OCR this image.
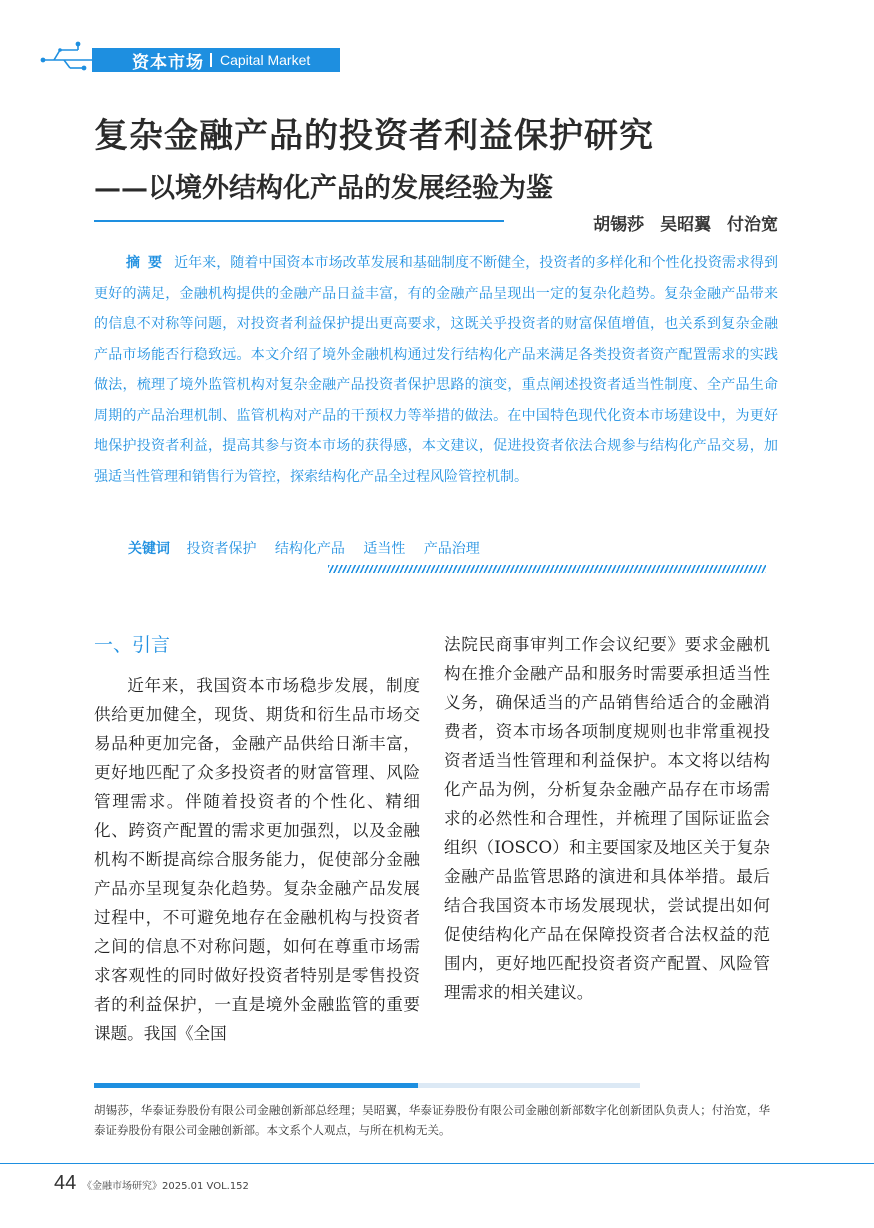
资本市场 Capital Market
复杂金融产品的投资者利益保护研究
——以境外结构化产品的发展经验为鉴
胡锡莎 吴昭翼 付治宽
摘要 近年来，随着中国资本市场改革发展和基础制度不断健全，投资者的多样化和个性化投资需求得到更好的满足，金融机构提供的金融产品日益丰富，有的金融产品呈现出一定的复杂化趋势。复杂金融产品带来的信息不对称等问题，对投资者利益保护提出更高要求，这既关乎投资者的财富保值增值，也关系到复杂金融产品市场能否行稳致远。本文介绍了境外金融机构通过发行结构化产品来满足各类投资者资产配置需求的实践做法，梳理了境外监管机构对复杂金融产品投资者保护思路的演变，重点阐述投资者适当性制度、全产品生命周期的产品治理机制、监管机构对产品的干预权力等举措的做法。在中国特色现代化资本市场建设中，为更好地保护投资者利益，提高其参与资本市场的获得感，本文建议，促进投资者依法合规参与结构化产品交易，加强适当性管理和销售行为管控，探索结构化产品全过程风险管控机制。
关键词 投资者保护 结构化产品 适当性 产品治理
一、引言

近年来，我国资本市场稳步发展，制度供给更加健全，现货、期货和衍生品市场交易品种更加完备，金融产品供给日渐丰富，更好地匹配了众多投资者的财富管理、风险管理需求。伴随着投资者的个性化、精细化、跨资产配置的需求更加强烈，以及金融机构不断提高综合服务能力，促使部分金融产品亦呈现复杂化趋势。复杂金融产品发展过程中，不可避免地存在金融机构与投资者之间的信息不对称问题，如何在尊重市场需求客观性的同时做好投资者特别是零售投资者的利益保护，一直是境外金融监管的重要课题。我国《全国

法院民商事审判工作会议纪要》要求金融机构在推介金融产品和服务时需要承担适当性义务，确保适当的产品销售给适合的金融消费者，资本市场各项制度规则也非常重视投资者适当性管理和利益保护。本文将以结构化产品为例，分析复杂金融产品存在市场需求的必然性和合理性，并梳理了国际证监会组织（IOSCO）和主要国家及地区关于复杂金融产品监管思路的演进和具体举措。最后结合我国资本市场发展现状，尝试提出如何促使结构化产品在保障投资者合法权益的范围内，更好地匹配投资者资产配置、风险管理需求的相关建议。

胡锡莎，华泰证券股份有限公司金融创新部总经理；吴昭翼，华泰证券股份有限公司金融创新部数字化创新团队负责人；付治宽，华泰证券股份有限公司金融创新部。本文系个人观点，与所在机构无关。
44 《金融市场研究》2025.01 VOL.152
